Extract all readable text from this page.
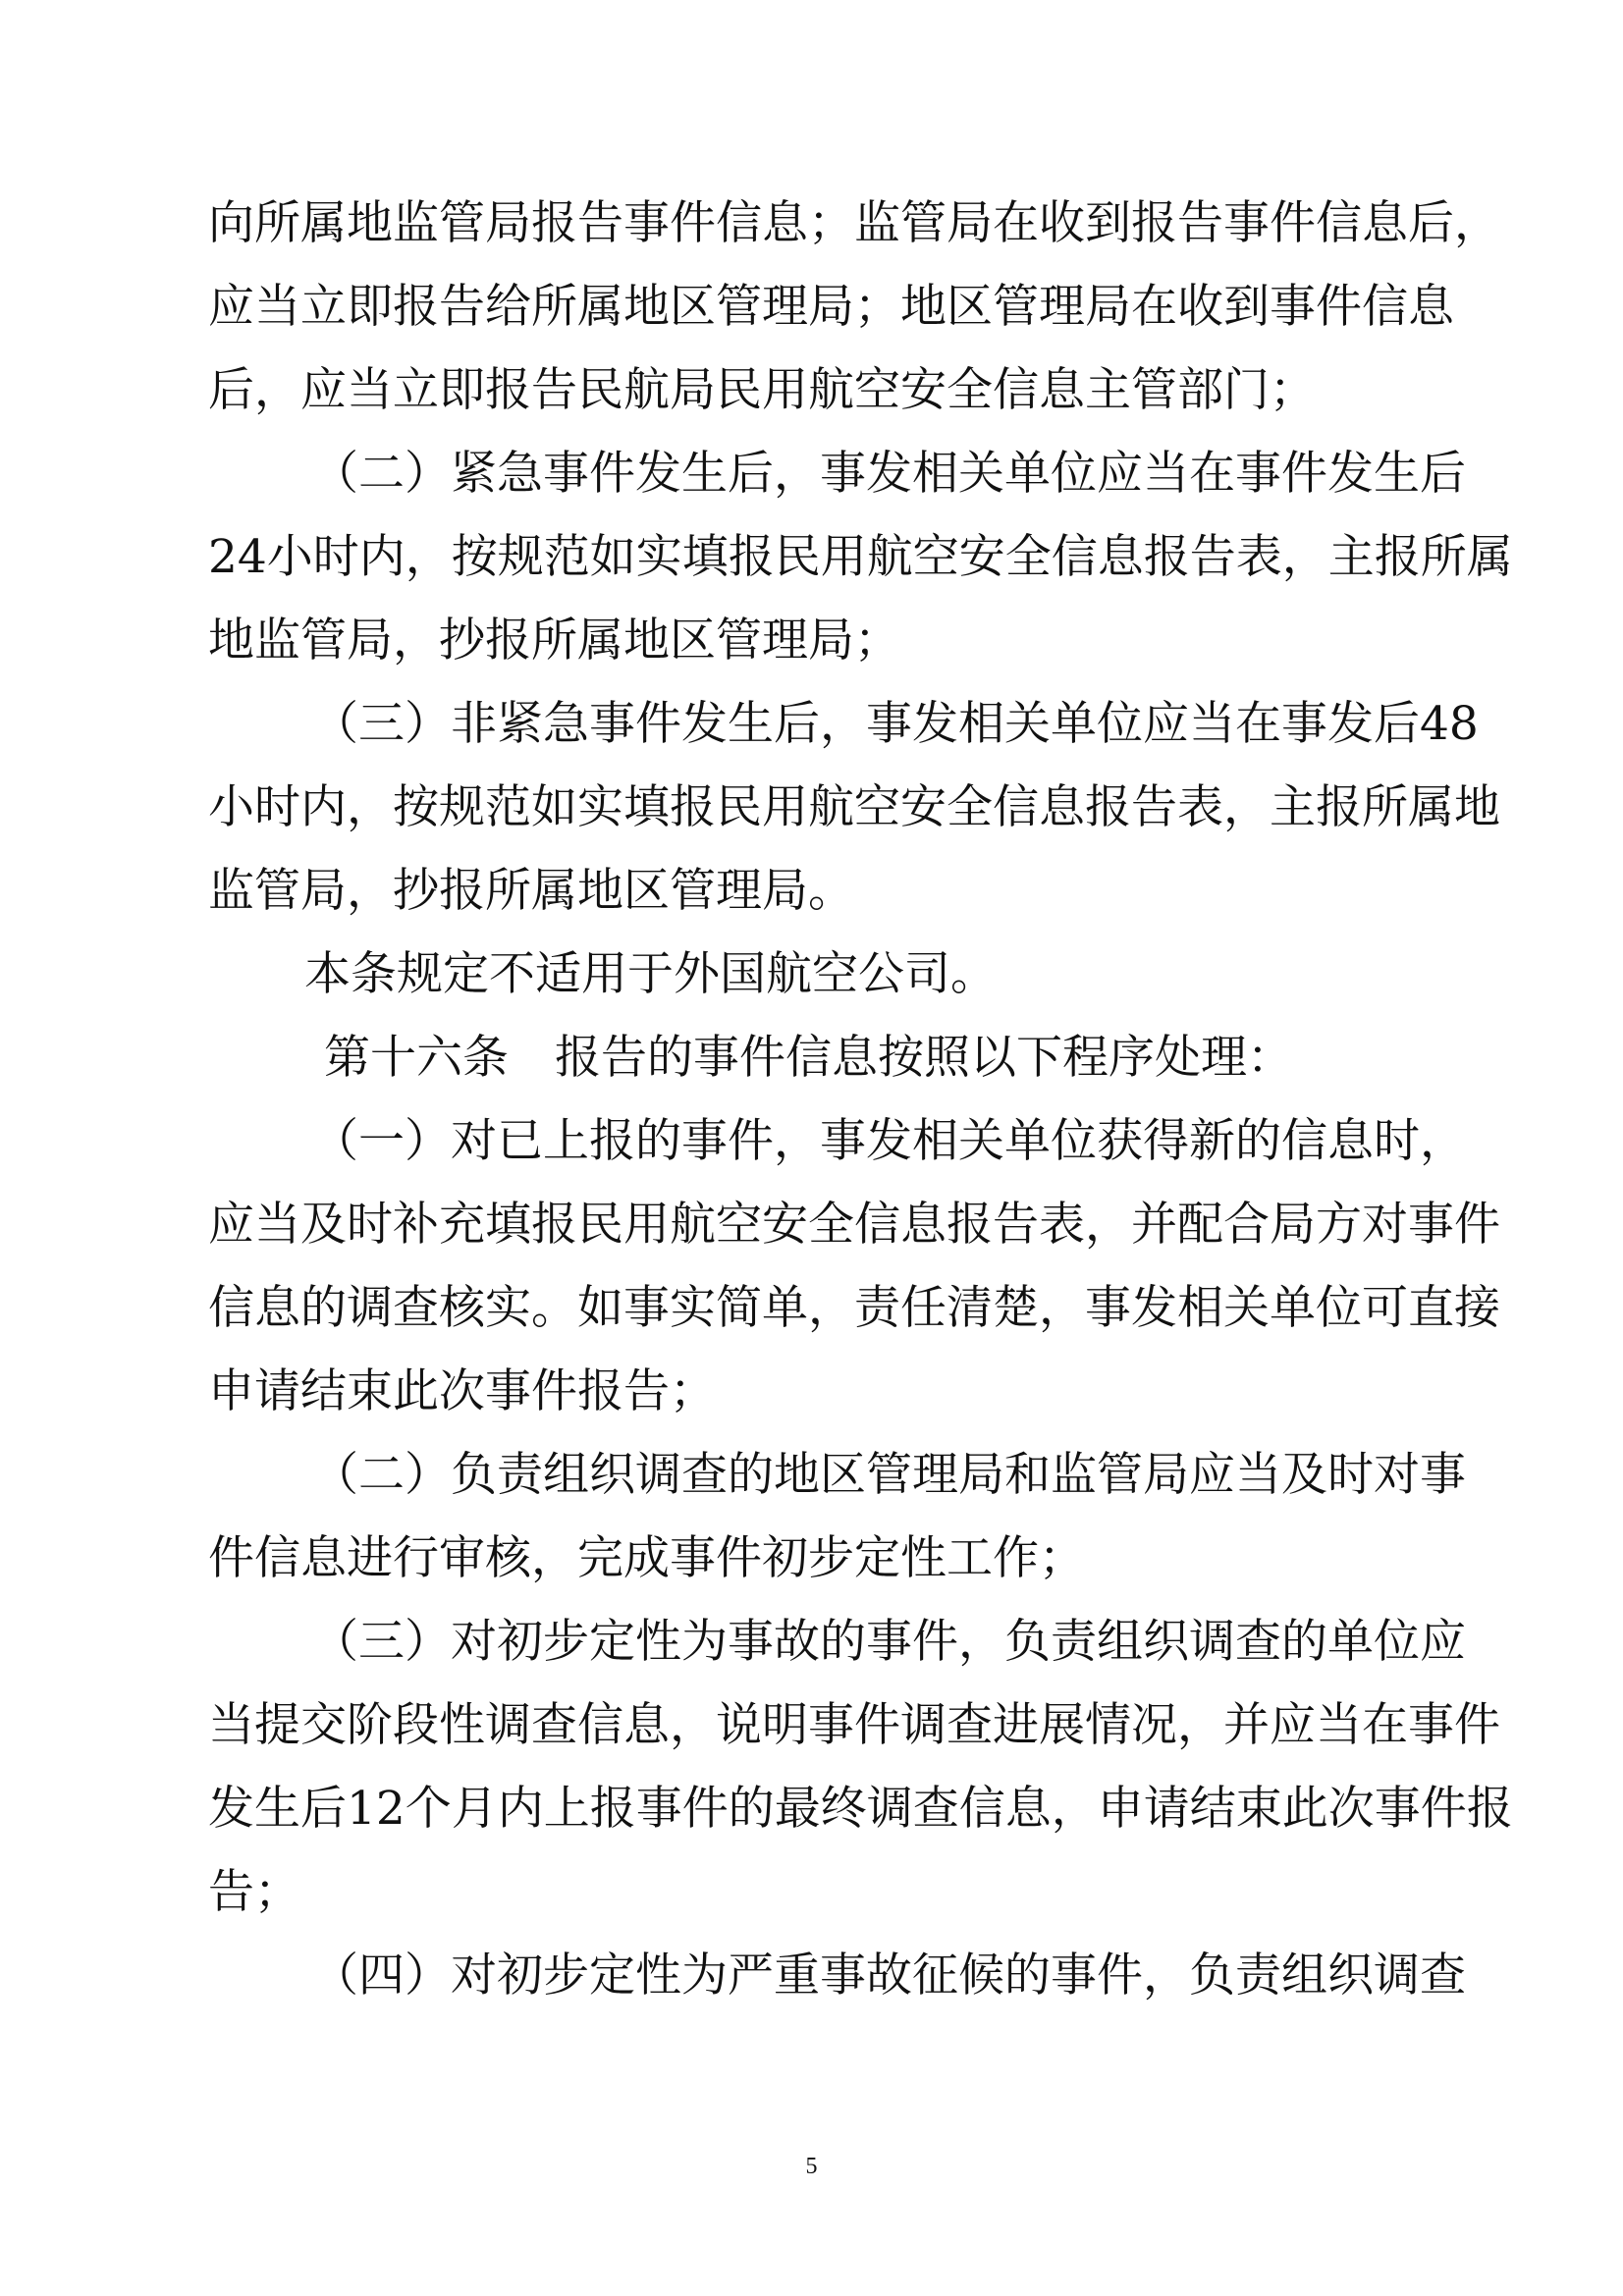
向所属地监管局报告事件信息；监管局在收到报告事件信息后，
应当立即报告给所属地区管理局；地区管理局在收到事件信息
后，应当立即报告民航局民用航空安全信息主管部门；
（二）紧急事件发生后，事发相关单位应当在事件发生后
24小时内，按规范如实填报民用航空安全信息报告表，主报所属
地监管局，抄报所属地区管理局；
（三）非紧急事件发生后，事发相关单位应当在事发后48
小时内，按规范如实填报民用航空安全信息报告表，主报所属地
监管局，抄报所属地区管理局。
本条规定不适用于外国航空公司。
第十六条　报告的事件信息按照以下程序处理：
（一）对已上报的事件，事发相关单位获得新的信息时，
应当及时补充填报民用航空安全信息报告表，并配合局方对事件
信息的调查核实。如事实简单，责任清楚，事发相关单位可直接
申请结束此次事件报告；
（二）负责组织调查的地区管理局和监管局应当及时对事
件信息进行审核，完成事件初步定性工作；
（三）对初步定性为事故的事件，负责组织调查的单位应
当提交阶段性调查信息，说明事件调查进展情况，并应当在事件
发生后12个月内上报事件的最终调查信息，申请结束此次事件报
告；
（四）对初步定性为严重事故征候的事件，负责组织调查
5
